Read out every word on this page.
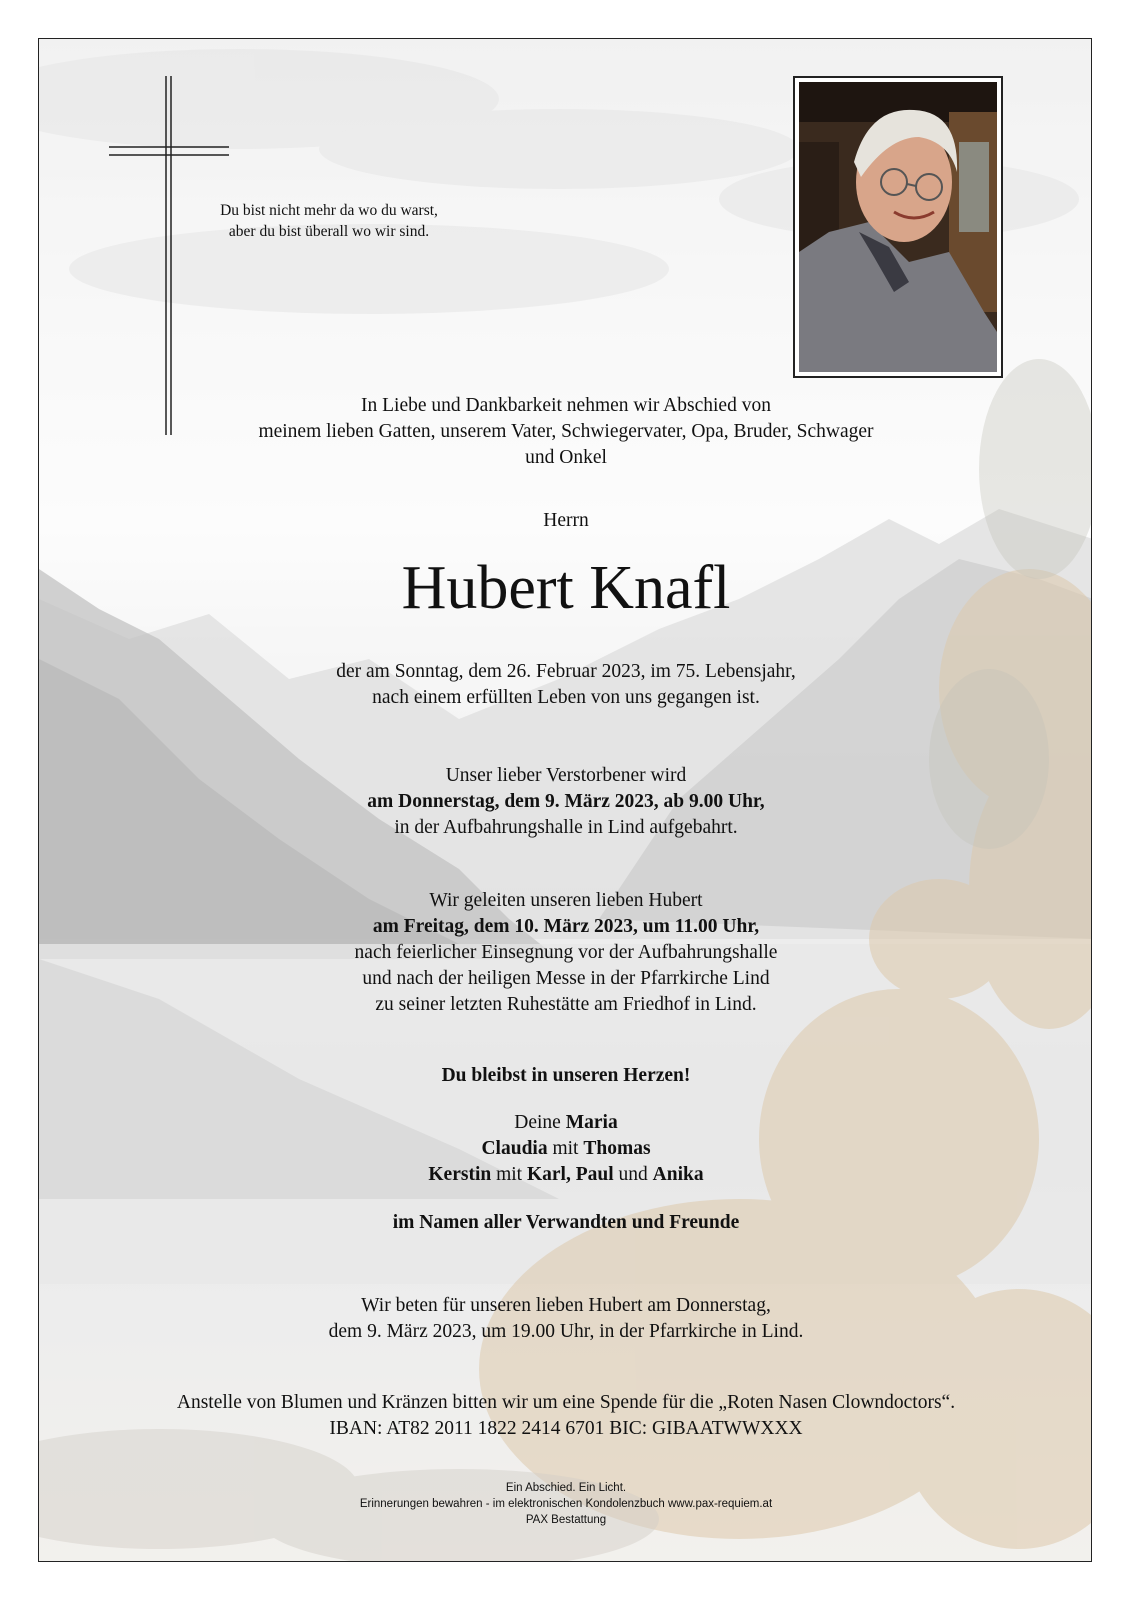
Du bist nicht mehr da wo du warst,
aber du bist überall wo wir sind.
In Liebe und Dankbarkeit nehmen wir Abschied von
meinem lieben Gatten, unserem Vater, Schwiegervater, Opa, Bruder, Schwager
und Onkel
Herrn
Hubert Knafl
der am Sonntag, dem 26. Februar 2023, im 75. Lebensjahr,
nach einem erfüllten Leben von uns gegangen ist.
Unser lieber Verstorbener wird
am Donnerstag, dem 9. März 2023, ab 9.00 Uhr,
in der Aufbahrungshalle in Lind aufgebahrt.
Wir geleiten unseren lieben Hubert
am Freitag, dem 10. März 2023, um 11.00 Uhr,
nach feierlicher Einsegnung vor der Aufbahrungshalle
und nach der heiligen Messe in der Pfarrkirche Lind
zu seiner letzten Ruhestätte am Friedhof in Lind.
Du bleibst in unseren Herzen!
Deine Maria
Claudia mit Thomas
Kerstin mit Karl, Paul und Anika
im Namen aller Verwandten und Freunde
Wir beten für unseren lieben Hubert am Donnerstag,
dem 9. März 2023, um 19.00 Uhr, in der Pfarrkirche in Lind.
Anstelle von Blumen und Kränzen bitten wir um eine Spende für die „Roten Nasen Clowndoctors“.
IBAN: AT82 2011 1822 2414 6701 BIC: GIBAATWWXXX
Ein Abschied. Ein Licht.
Erinnerungen bewahren - im elektronischen Kondolenzbuch www.pax-requiem.at
PAX Bestattung
